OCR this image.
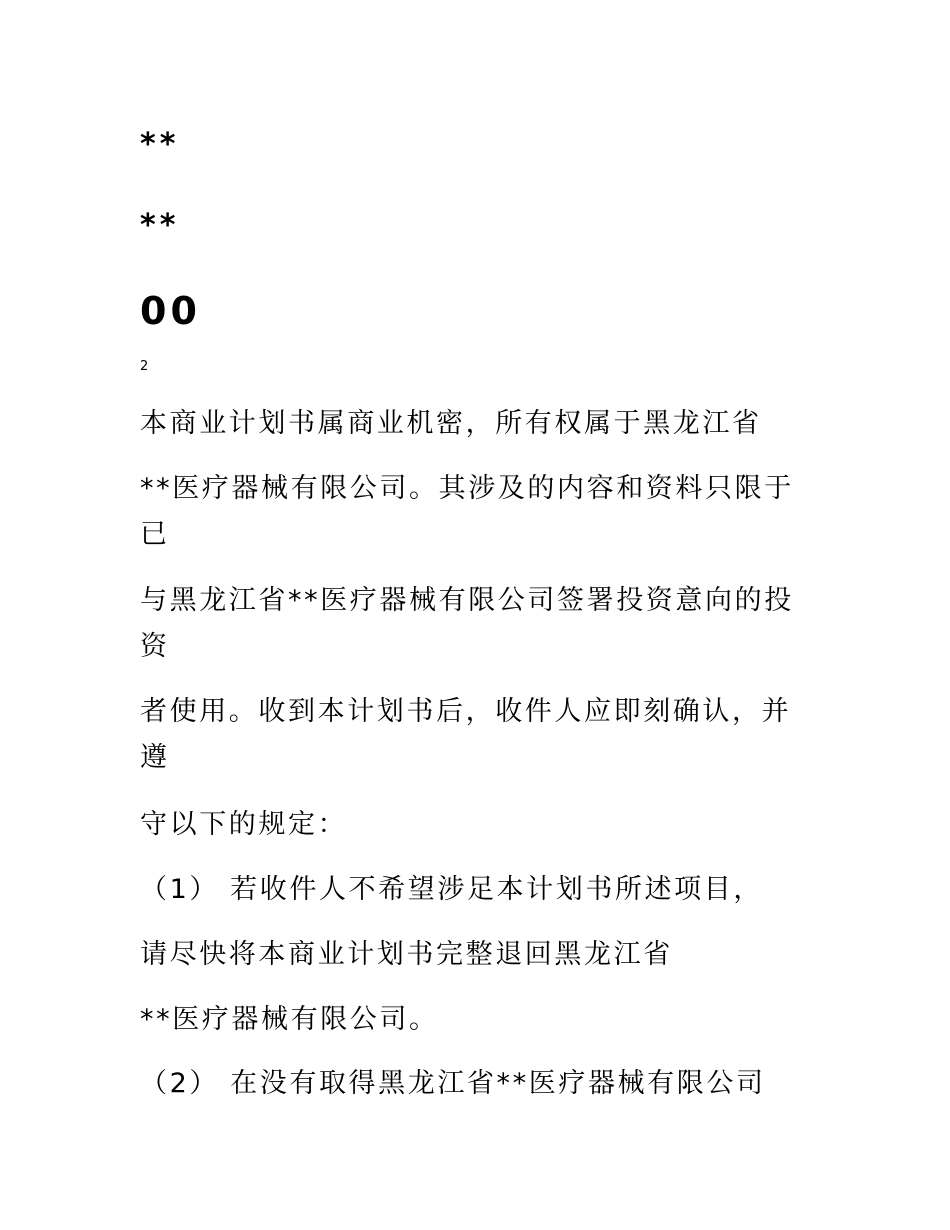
**
**
00
2
本商业计划书属商业机密，所有权属于黑龙江省
**医疗器械有限公司。其涉及的内容和资料只限于已
与黑龙江省**医疗器械有限公司签署投资意向的投资
者使用。收到本计划书后，收件人应即刻确认，并遵
守以下的规定：
（1） 若收件人不希望涉足本计划书所述项目，
请尽快将本商业计划书完整退回黑龙江省
**医疗器械有限公司。
（2） 在没有取得黑龙江省**医疗器械有限公司
